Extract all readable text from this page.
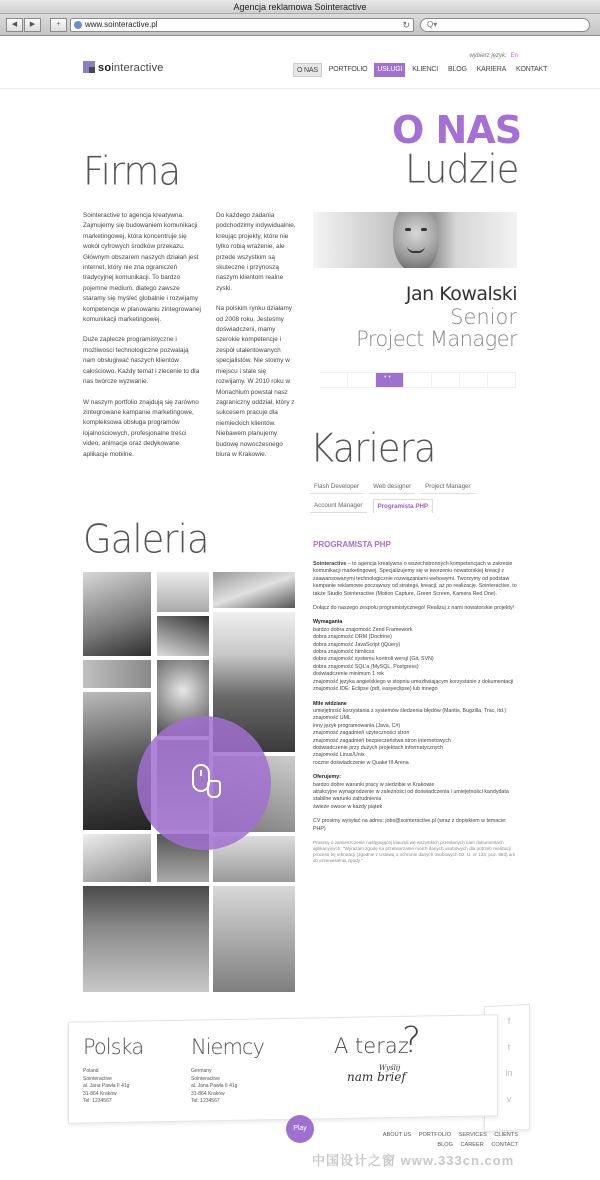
Agencja reklamowa Sointeractive
◀	▶	+	www.sointeractive.pl	↻	Q▾
sointeractive
wybierz język: En
O NAS	PORTFOLIO	USŁUGI	KLIENCI	BLOG	KARIERA	KONTAKT
O NAS
Ludzie
Firma

Sointeractive to agencja kreatywna. Zajmujemy się budowaniem komunikacji marketingowej, która koncentruje się wokół cyfrowych środków przekazu. Głównym obszarem naszych działań jest internet, który nie zna ograniczeń tradycyjnej komunikacji. To bardzo pojemne medium, dlatego zawsze staramy się myśleć globalnie i rozwijamy kompetencje w planowaniu zintegrowanej komunikacji marketingowej.

Duże zaplecze programistyczne i możliwości technologiczne pozwalają nam obsługiwać naszych klientów całościowo. Każdy temat i zlecenie to dla nas twórcze wyzwanie.

W naszym portfolio znajdują się zarówno zintegrowane kampanie marketingowe, kompleksowa obsługa programów lojalnościowych, profesjonalne treści video, animacje oraz dedykowane aplikacje mobilne.

Do każdego zadania podchodzimy indywidualnie, kreując projekty, które nie tylko robią wrażenie, ale przede wszystkim są skuteczne i przynoszą naszym klientom realne zyski.

Na polskim rynku działamy od 2008 roku. Jesteśmy doświadczeni, mamy szerokie kompetencje i zespół utalentowanych specjalistów. Nie stoimy w miejscu i stale się rozwijamy. W 2010 roku w Monachium powstał nasz zagraniczny oddział, który z sukcesem pracuje dla niemieckich klientów. Niebawem planujemy budowę nowoczesnego biura w Krakowie.

Jan Kowalski
Senior
Project Manager
• •
Kariera
Flash Developer	Web designer	Project Manager
Account Manager	Programista PHP
PROGRAMISTA PHP

Sointeractive – to agencja kreatywna o wszechstronnych kompetencjach w zakresie komunikacji marketingowej. Specjalizujemy się w tworzeniu nowatorskiej kreacji z zaawansowanymi technologicznie rozwiązaniami webowymi. Tworzymy od podstaw kampanie reklamowe począwszy od strategii, kreacji, aż po realizację. Sointeractive, to także Studio Sointeractive (Motion Capture, Green Screen, Kamera Red One).

Dołącz do naszego zespołu programistycznego! Realizuj z nami nowatorskie projekty!

Wymagania

bardzo dobra znajomość Zend Framework
dobra znajomość ORM (Doctrine)
dobra znajomość JavaScript (jQuery)
dobra znajomość html/css
dobra znajomość systemu kontroli wersji (Git, SVN)
dobra znajomość SQL'a (MySQL, Postgress)
doświadczenie minimum 1 rok
znajomość języka angielskiego w stopniu umożliwiającym korzystanie z dokumentacji
znajomość IDE: Eclipse (pdt, easyeclipse) lub innego

Mile widziane

umiejętność korzystania z systemów śledzenia błędów (Mantis, Bugzilla, Trac, itd.)
znajomość UML
inny język programowania (Java, C#)
znajomość zagadnień użyteczności stron
znajomość zagadnień bezpieczeństwa stron internetowych
doświadczenie przy dużych projektach informatycznych
znajomość Linux/Unix
roczne doświadczenie w Quake III Arena

Oferujemy:

bardzo dobre warunki pracy w siedzibie w Krakowie
atrakcyjne wynagrodzenie w zależności od doświadczenia i umiejętności kandydata
stabilne warunki zatrudnienia
świeże owoce w każdy piątek

CV prosimy wysyłać na adres: jobs@sointeractive.pl (wraz z dopiskiem w temacie: PHP)

Prosimy o zamieszczenie następującej klauzuli we wszystkich przesłanych nam dokumentach aplikacyjnych: "Wyrażam zgodę na przetwarzanie moich danych osobowych dla potrzeb realizacji procesu tej rekrutacji (zgodnie z Ustawą o ochronie danych osobowych Dz. U. nr 133, poz. 883) ani do przeniesienia zgody."

Galeria
f
t
in
v
Polska
Poland
Sointeractive
al. Jana Pawła II 41g
31-864 Kraków
Tel: 1234567
Niemcy
Germany
Sointeractive
al. Jana Pawła II 41g
31-864 Kraków
Tel: 1234567
A teraz
?
Wyślij
nam brief
Play
ABOUT US PORTFOLIO SERVICES CLIENTS
BLOG CAREER CONTACT
中国设计之窗 www.333cn.com
